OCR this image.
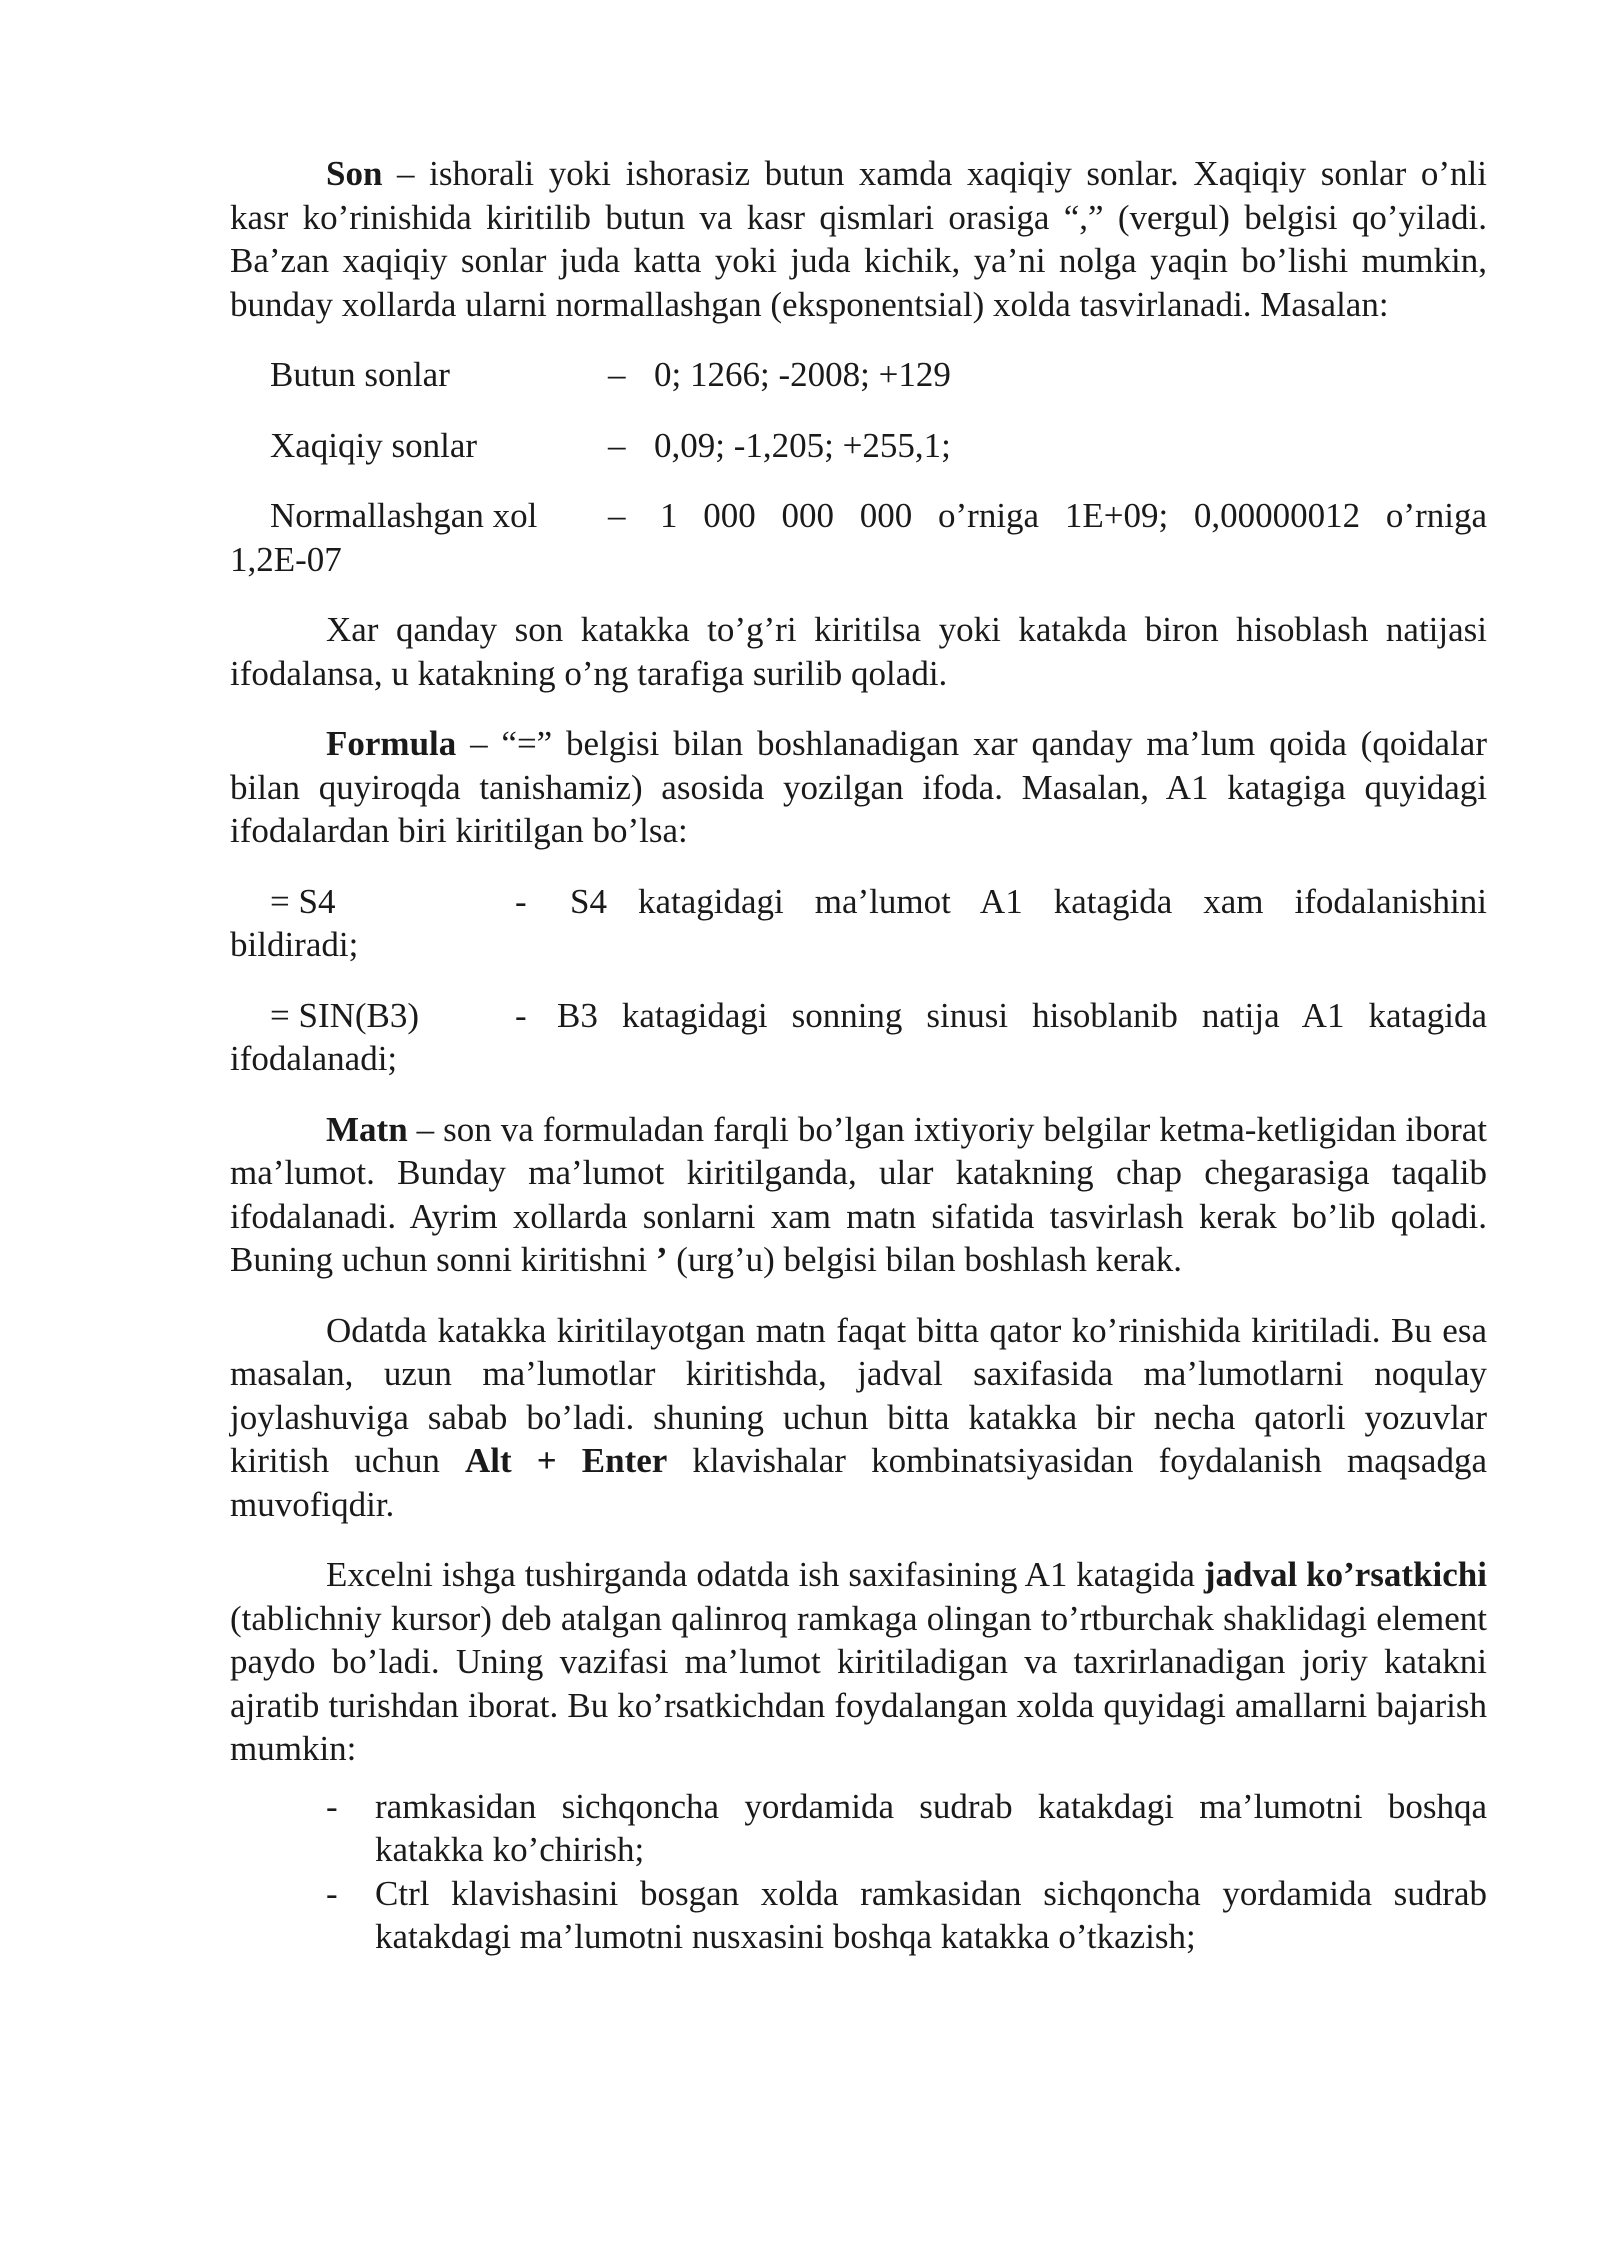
Son – ishorali yoki ishorasiz butun xamda xaqiqiy sonlar. Xaqiqiy sonlar o’nli kasr ko’rinishida kiritilib butun va kasr qismlari orasiga “,” (vergul) belgisi qo’yiladi. Ba’zan xaqiqiy sonlar juda katta yoki juda kichik, ya’ni nolga yaqin bo’lishi mumkin, bunday xollarda ularni normallashgan (eksponentsial) xolda tasvirlanadi. Masalan:

Butun sonlar	– 0; 1266; -2008; +129
Xaqiqiy sonlar	– 0,09; -1,205; +255,1;
Normallashgan xol – 1 000 000 000 o’rniga 1E+09; 0,00000012 o’rniga
1,2E-07

Xar qanday son katakka to’g’ri kiritilsa yoki katakda biron hisoblash natijasi ifodalansa, u katakning o’ng tarafiga surilib qoladi.

Formula – “=” belgisi bilan boshlanadigan xar qanday ma’lum qoida (qoidalar bilan quyiroqda tanishamiz) asosida yozilgan ifoda. Masalan, A1 katagiga quyidagi ifodalardan biri kiritilgan bo’lsa:

= S4	- S4 katagidagi ma’lumot A1 katagida xam ifodalanishini
bildiradi;
= SIN(B3)	- B3 katagidagi sonning sinusi hisoblanib natija A1 katagida
ifodalanadi;

Matn – son va formuladan farqli bo’lgan ixtiyoriy belgilar ketma-ketligidan iborat ma’lumot. Bunday ma’lumot kiritilganda, ular katakning chap chegarasiga taqalib ifodalanadi. Ayrim xollarda sonlarni xam matn sifatida tasvirlash kerak bo’lib qoladi. Buning uchun sonni kiritishni ’ (urg’u) belgisi bilan boshlash kerak.

Odatda katakka kiritilayotgan matn faqat bitta qator ko’rinishida kiritiladi. Bu esa masalan, uzun ma’lumotlar kiritishda, jadval saxifasida ma’lumotlarni noqulay joylashuviga sabab bo’ladi. shuning uchun bitta katakka bir necha qatorli yozuvlar kiritish uchun Alt + Enter klavishalar kombinatsiyasidan foydalanish maqsadga muvofiqdir.

Excelni ishga tushirganda odatda ish saxifasining A1 katagida jadval ko’rsatkichi (tablichniy kursor) deb atalgan qalinroq ramkaga olingan to’rtburchak shaklidagi element paydo bo’ladi. Uning vazifasi ma’lumot kiritiladigan va taxrirlanadigan joriy katakni ajratib turishdan iborat. Bu ko’rsatkichdan foydalangan xolda quyidagi amallarni bajarish mumkin:

- ramkasidan sichqoncha yordamida sudrab katakdagi ma’lumotni boshqa katakka ko’chirish;
- Ctrl klavishasini bosgan xolda ramkasidan sichqoncha yordamida sudrab katakdagi ma’lumotni nusxasini boshqa katakka o’tkazish;
